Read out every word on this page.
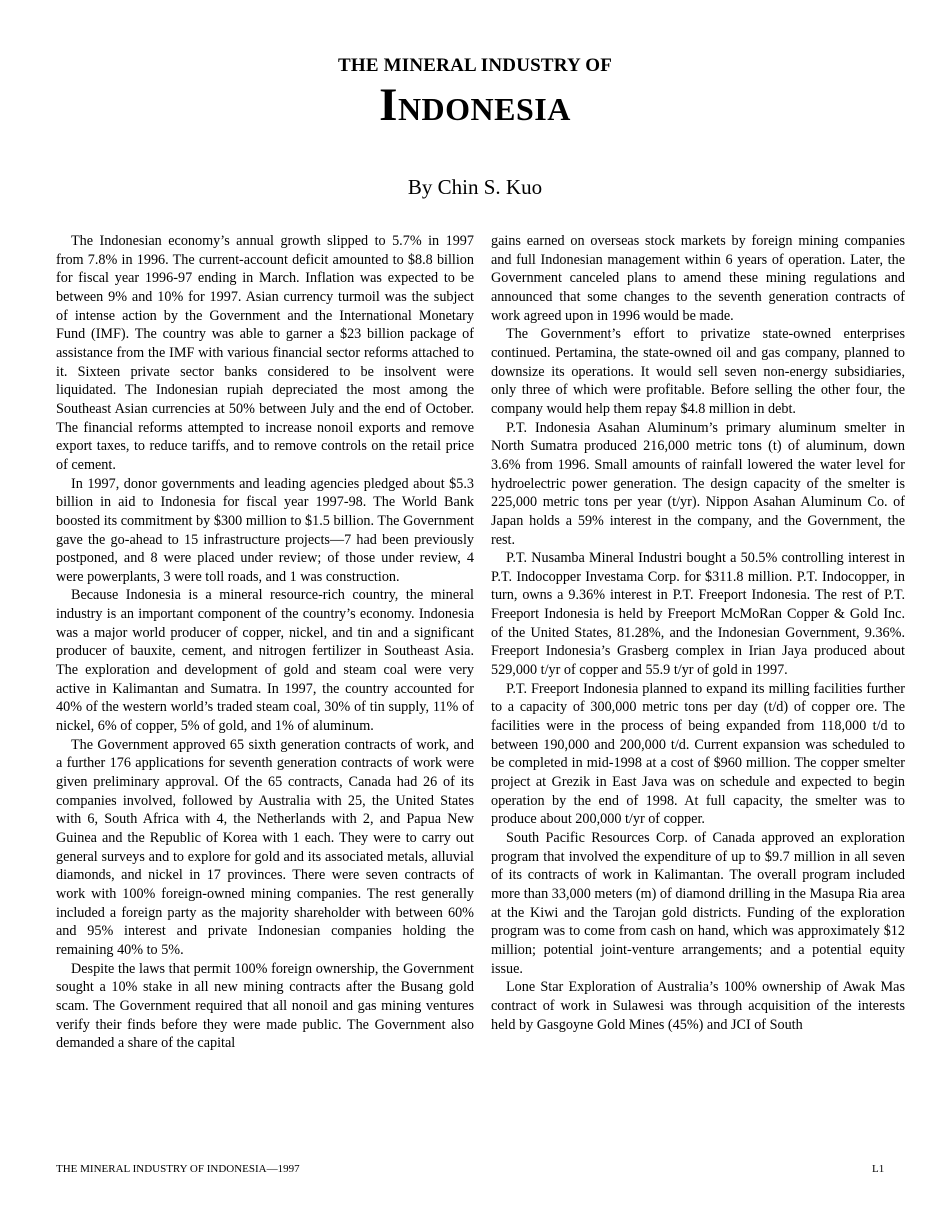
THE MINERAL INDUSTRY OF
INDONESIA
By Chin S. Kuo

The Indonesian economy’s annual growth slipped to 5.7% in 1997 from 7.8% in 1996. The current-account deficit amounted to $8.8 billion for fiscal year 1996-97 ending in March. Inflation was expected to be between 9% and 10% for 1997. Asian currency turmoil was the subject of intense action by the Government and the International Monetary Fund (IMF). The country was able to garner a $23 billion package of assistance from the IMF with various financial sector reforms attached to it. Sixteen private sector banks considered to be insolvent were liquidated. The Indonesian rupiah depreciated the most among the Southeast Asian currencies at 50% between July and the end of October. The financial reforms attempted to increase nonoil exports and remove export taxes, to reduce tariffs, and to remove controls on the retail price of cement.

In 1997, donor governments and leading agencies pledged about $5.3 billion in aid to Indonesia for fiscal year 1997-98. The World Bank boosted its commitment by $300 million to $1.5 billion. The Government gave the go-ahead to 15 infrastructure projects—7 had been previously postponed, and 8 were placed under review; of those under review, 4 were powerplants, 3 were toll roads, and 1 was construction.

Because Indonesia is a mineral resource-rich country, the mineral industry is an important component of the country’s economy. Indonesia was a major world producer of copper, nickel, and tin and a significant producer of bauxite, cement, and nitrogen fertilizer in Southeast Asia. The exploration and development of gold and steam coal were very active in Kalimantan and Sumatra. In 1997, the country accounted for 40% of the western world’s traded steam coal, 30% of tin supply, 11% of nickel, 6% of copper, 5% of gold, and 1% of aluminum.

The Government approved 65 sixth generation contracts of work, and a further 176 applications for seventh generation contracts of work were given preliminary approval. Of the 65 contracts, Canada had 26 of its companies involved, followed by Australia with 25, the United States with 6, South Africa with 4, the Netherlands with 2, and Papua New Guinea and the Republic of Korea with 1 each. They were to carry out general surveys and to explore for gold and its associated metals, alluvial diamonds, and nickel in 17 provinces. There were seven contracts of work with 100% foreign-owned mining companies. The rest generally included a foreign party as the majority shareholder with between 60% and 95% interest and private Indonesian companies holding the remaining 40% to 5%.

Despite the laws that permit 100% foreign ownership, the Government sought a 10% stake in all new mining contracts after the Busang gold scam. The Government required that all nonoil and gas mining ventures verify their finds before they were made public. The Government also demanded a share of the capital

gains earned on overseas stock markets by foreign mining companies and full Indonesian management within 6 years of operation. Later, the Government canceled plans to amend these mining regulations and announced that some changes to the seventh generation contracts of work agreed upon in 1996 would be made.

The Government’s effort to privatize state-owned enterprises continued. Pertamina, the state-owned oil and gas company, planned to downsize its operations. It would sell seven non-energy subsidiaries, only three of which were profitable. Before selling the other four, the company would help them repay $4.8 million in debt.

P.T. Indonesia Asahan Aluminum’s primary aluminum smelter in North Sumatra produced 216,000 metric tons (t) of aluminum, down 3.6% from 1996. Small amounts of rainfall lowered the water level for hydroelectric power generation. The design capacity of the smelter is 225,000 metric tons per year (t/yr). Nippon Asahan Aluminum Co. of Japan holds a 59% interest in the company, and the Government, the rest.

P.T. Nusamba Mineral Industri bought a 50.5% controlling interest in P.T. Indocopper Investama Corp. for $311.8 million. P.T. Indocopper, in turn, owns a 9.36% interest in P.T. Freeport Indonesia. The rest of P.T. Freeport Indonesia is held by Freeport McMoRan Copper & Gold Inc. of the United States, 81.28%, and the Indonesian Government, 9.36%. Freeport Indonesia’s Grasberg complex in Irian Jaya produced about 529,000 t/yr of copper and 55.9 t/yr of gold in 1997.

P.T. Freeport Indonesia planned to expand its milling facilities further to a capacity of 300,000 metric tons per day (t/d) of copper ore. The facilities were in the process of being expanded from 118,000 t/d to between 190,000 and 200,000 t/d. Current expansion was scheduled to be completed in mid-1998 at a cost of $960 million. The copper smelter project at Grezik in East Java was on schedule and expected to begin operation by the end of 1998. At full capacity, the smelter was to produce about 200,000 t/yr of copper.

South Pacific Resources Corp. of Canada approved an exploration program that involved the expenditure of up to $9.7 million in all seven of its contracts of work in Kalimantan. The overall program included more than 33,000 meters (m) of diamond drilling in the Masupa Ria area at the Kiwi and the Tarojan gold districts. Funding of the exploration program was to come from cash on hand, which was approximately $12 million; potential joint-venture arrangements; and a potential equity issue.

Lone Star Exploration of Australia’s 100% ownership of Awak Mas contract of work in Sulawesi was through acquisition of the interests held by Gasgoyne Gold Mines (45%) and JCI of South

THE MINERAL INDUSTRY OF INDONESIA—1997	L1
